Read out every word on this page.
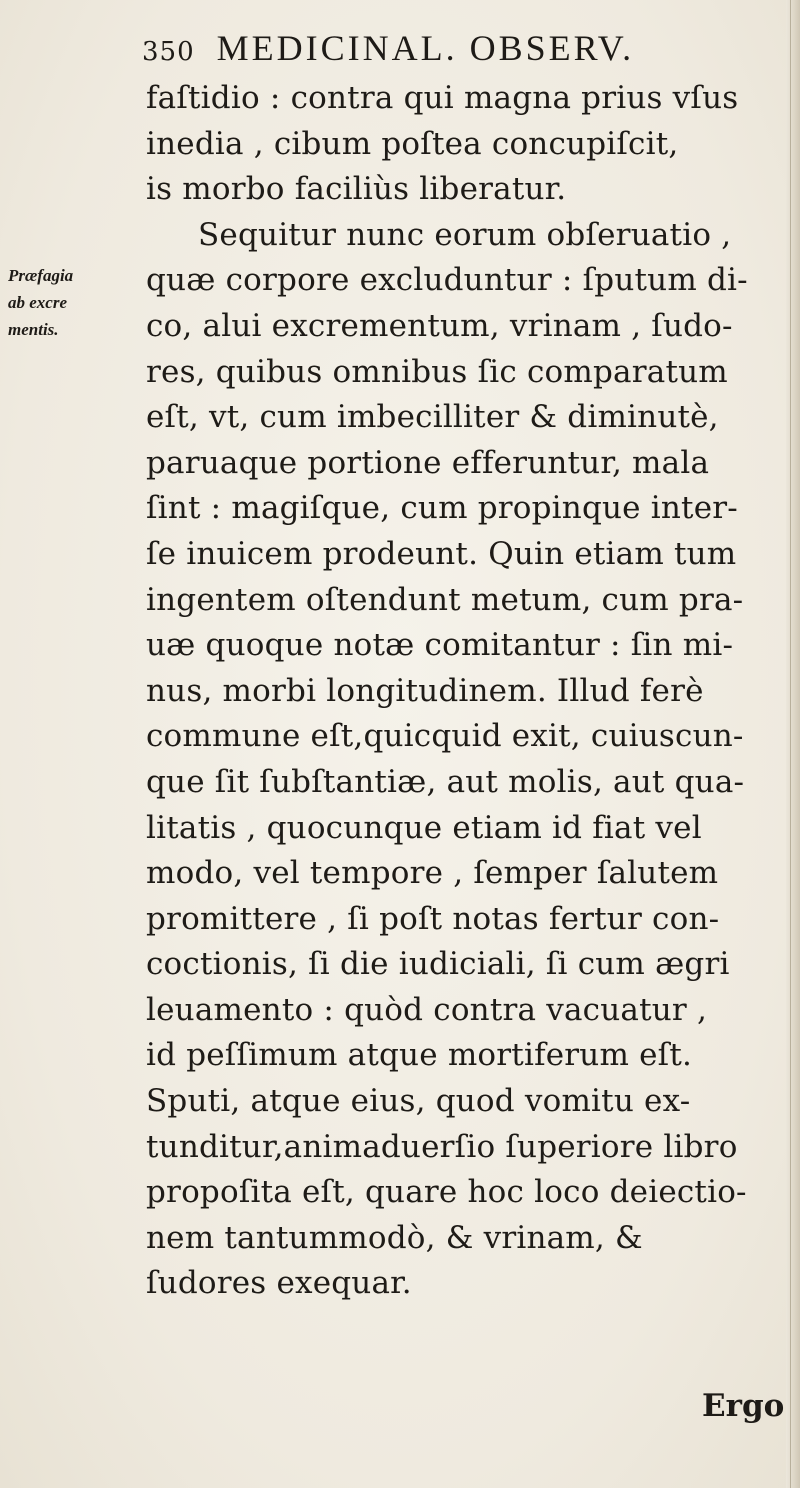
350 MEDICINAL. OBSERV.
Præfagia
ab excre
mentis.
faſtidio : contra qui magna prius vſus
inedia , cibum poſtea concupiſcit,
is morbo faciliùs liberatur.
Sequitur nunc eorum obſeruatio ,
quæ corpore excluduntur : ſputum di-
co, alui excrementum, vrinam , ſudo-
res, quibus omnibus ſic comparatum
eſt, vt, cum imbecilliter & diminutè,
paruaque portione efferuntur, mala
ſint : magiſque, cum propinque inter-
ſe inuicem prodeunt. Quin etiam tum
ingentem oſtendunt metum, cum pra-
uæ quoque notæ comitantur : ſin mi-
nus, morbi longitudinem. Illud ferè
commune eſt,quicquid exit, cuiuscun-
que ſit ſubſtantiæ, aut molis, aut qua-
litatis , quocunque etiam id fiat vel
modo, vel tempore , ſemper ſalutem
promittere , ſi poſt notas fertur con-
coctionis, ſi die iudiciali, ſi cum ægri
leuamento : quòd contra vacuatur ,
id peſſimum atque mortiferum eſt.
Sputi, atque eius, quod vomitu ex-
tunditur,animaduerſio ſuperiore libro
propoſita eſt, quare hoc loco deiectio-
nem tantummodò, & vrinam, &
ſudores exequar.
Ergo
